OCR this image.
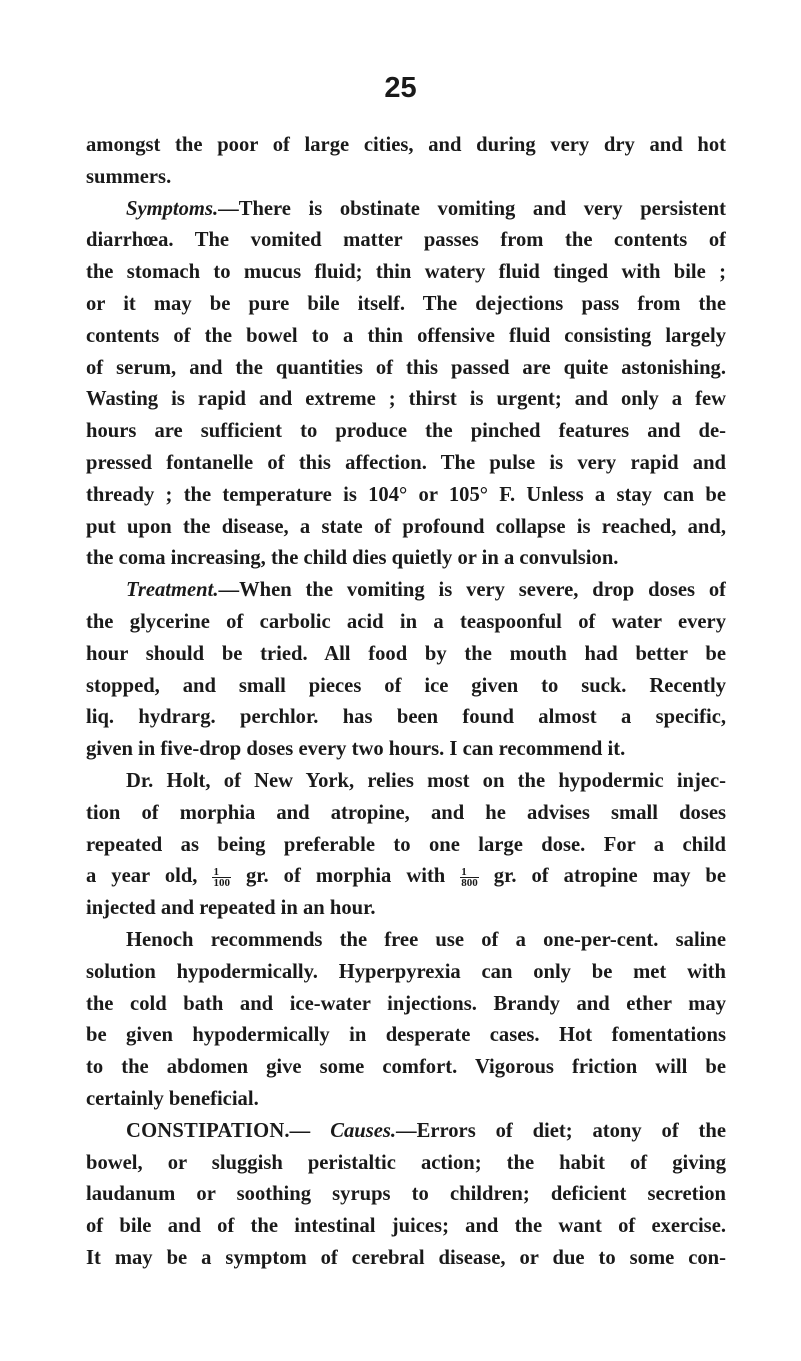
25
amongst the poor of large cities, and during very dry and hot
summers.
Symptoms.—There is obstinate vomiting and very persistent
diarrhœa. The vomited matter passes from the contents of
the stomach to mucus fluid; thin watery fluid tinged with bile ;
or it may be pure bile itself. The dejections pass from the
contents of the bowel to a thin offensive fluid consisting largely
of serum, and the quantities of this passed are quite astonishing.
Wasting is rapid and extreme ; thirst is urgent; and only a few
hours are sufficient to produce the pinched features and de-
pressed fontanelle of this affection. The pulse is very rapid and
thready ; the temperature is 104° or 105° F. Unless a stay can be
put upon the disease, a state of profound collapse is reached, and,
the coma increasing, the child dies quietly or in a convulsion.
Treatment.—When the vomiting is very severe, drop doses of
the glycerine of carbolic acid in a teaspoonful of water every
hour should be tried. All food by the mouth had better be
stopped, and small pieces of ice given to suck. Recently
liq. hydrarg. perchlor. has been found almost a specific,
given in five-drop doses every two hours. I can recommend it.
Dr. Holt, of New York, relies most on the hypodermic injec-
tion of morphia and atropine, and he advises small doses
repeated as being preferable to one large dose. For a child
a year old, $\frac{1}{100}$ gr. of morphia with $\frac{1}{800}$ gr. of atropine may be
injected and repeated in an hour.
Henoch recommends the free use of a one-per-cent. saline
solution hypodermically. Hyperpyrexia can only be met with
the cold bath and ice-water injections. Brandy and ether may
be given hypodermically in desperate cases. Hot fomentations
to the abdomen give some comfort. Vigorous friction will be
certainly beneficial.
CONSTIPATION.— Causes.—Errors of diet; atony of the
bowel, or sluggish peristaltic action; the habit of giving
laudanum or soothing syrups to children; deficient secretion
of bile and of the intestinal juices; and the want of exercise.
It may be a symptom of cerebral disease, or due to some con-
